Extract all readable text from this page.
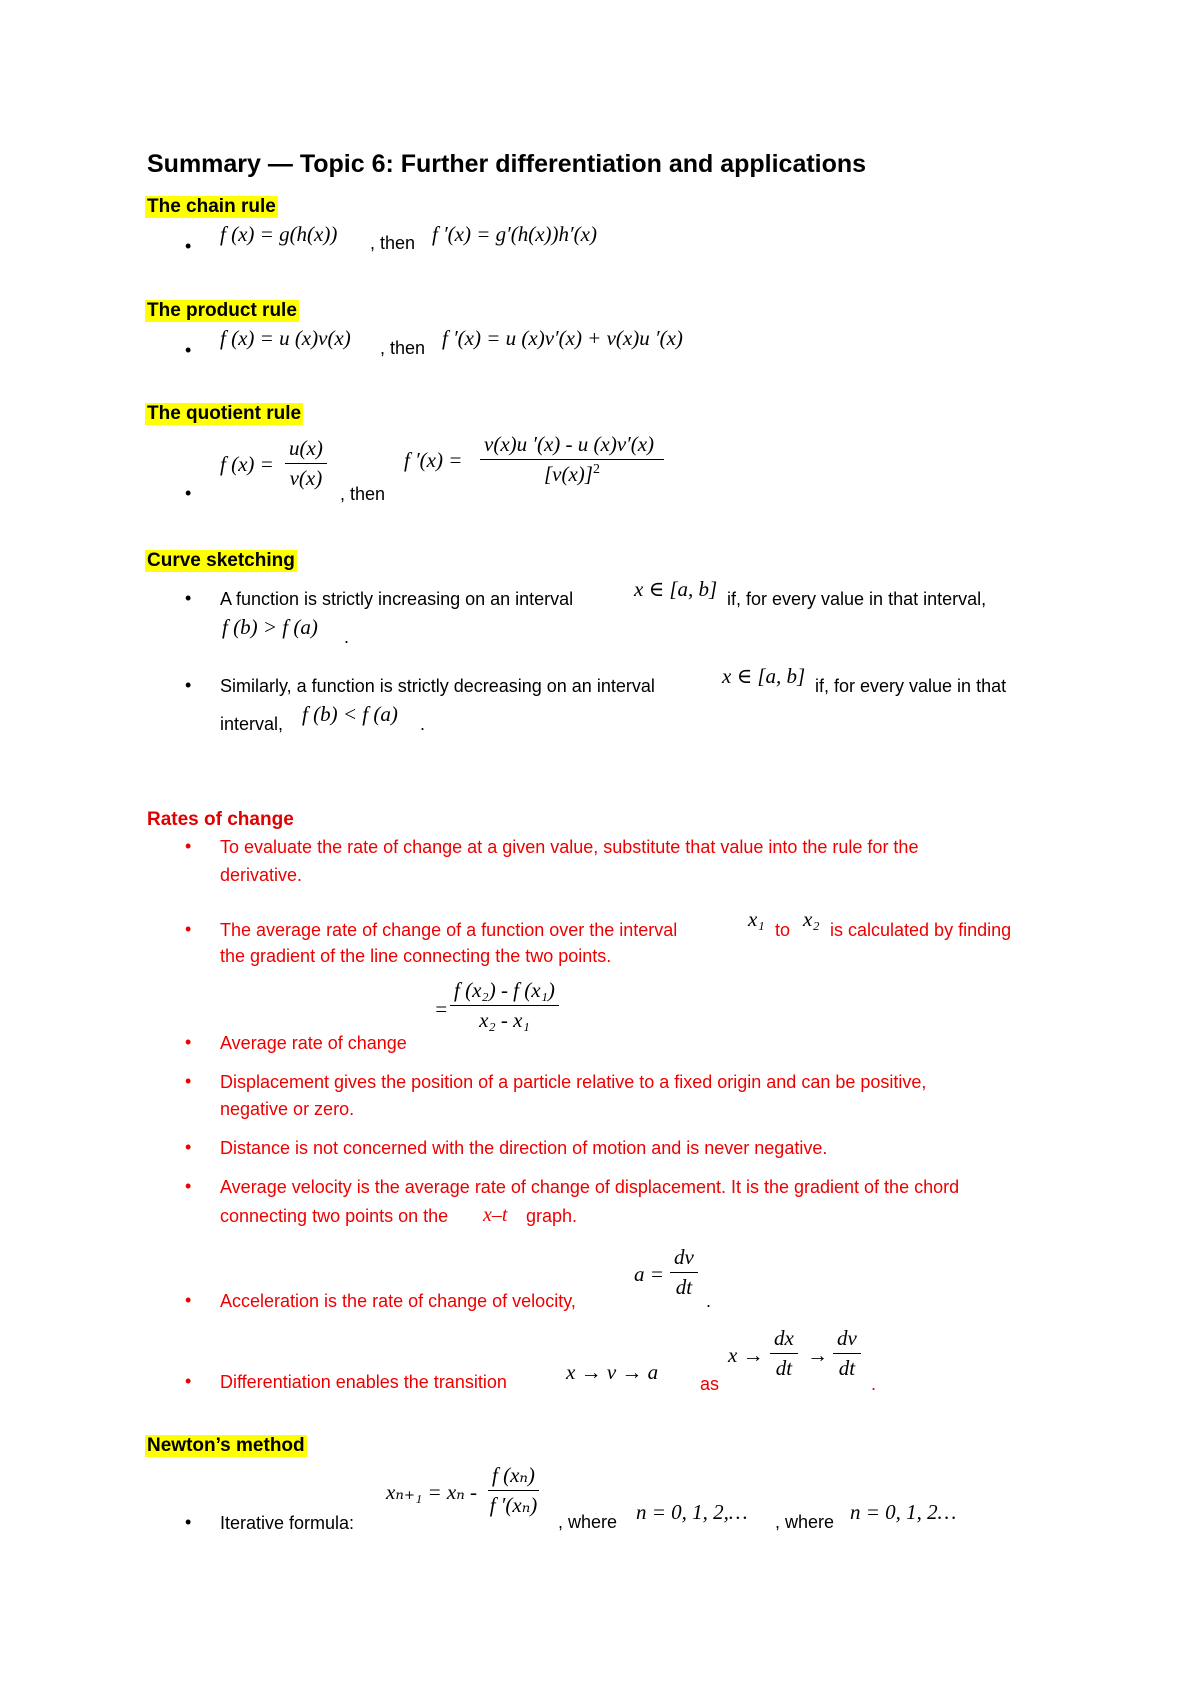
Summary — Topic 6: Further differentiation and applications
The chain rule
• f (x) = g(h(x)) , then f ′(x) = g′(h(x))h′(x)
The product rule
• f (x) = u (x)v(x) , then f ′(x) = u (x)v′(x) + v(x)u ′(x)
The quotient rule
•
f $(x) = \frac{u(x)}{v(x)}$
, then
f $'(x) = \frac{v(x)u '(x) - u (x)v'(x)}{[v(x)]^2}$
Curve sketching
• A function is strictly increasing on an interval	x ∈ [a, b] if, for every value in that interval,
f (b) > f (a) .
• Similarly, a function is strictly decreasing on an interval	x ∈ [a, b] if, for every value in that
interval, f (b) < f (a) .
Rates of change
• To evaluate the rate of change at a given value, substitute that value into the rule for the
derivative.
• The average rate of change of a function over the interval	x₁ to x₂ is calculated by finding
the gradient of the line connecting the two points.
= $\frac{\text{f (x₂) - f (x₁)}}{\text{x₂ - x₁}}$
• Average rate of change
• Displacement gives the position of a particle relative to a fixed origin and can be positive,
negative or zero.
• Distance is not concerned with the direction of motion and is never negative.
• Average velocity is the average rate of change of displacement. It is the gradient of the chord
connecting two points on the x–t graph.
• Acceleration is the rate of change of velocity,
$a = \frac{dv}{dt}$
.
• Differentiation enables the transition	x → v → a as
$x \to \frac{dx}{dt} \to \frac{dv}{dt}$
.
Newton’s method
• Iterative formula:
$x_{n+1} = x_n - \frac{\text{f (xₙ)}}{\text{f ′(xₙ)}}$
, where n = 0, 1, 2,… , where n = 0, 1, 2…
